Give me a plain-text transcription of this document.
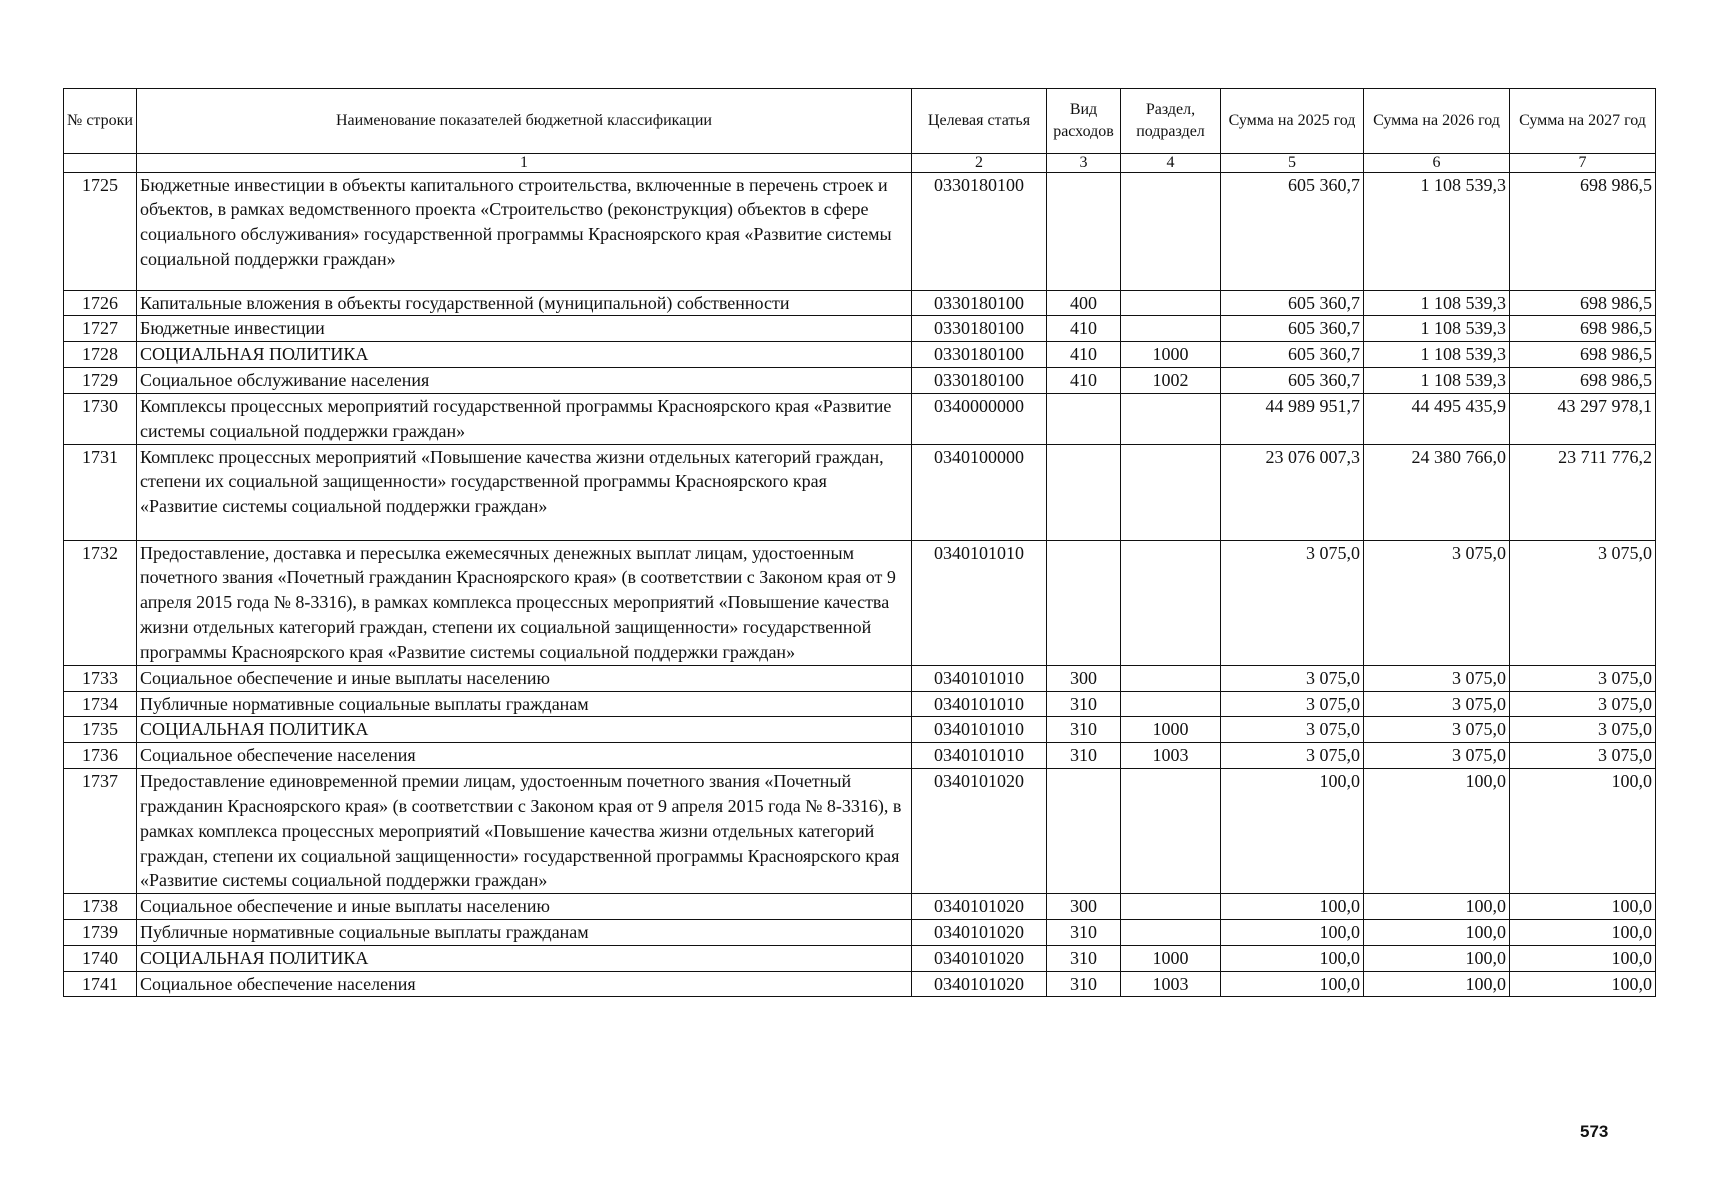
№ строки	Наименование показателей бюджетной классификации	Целевая статья	Вид расходов	Раздел, подраздел	Сумма на 2025 год	Сумма на 2026 год	Сумма на 2027 год
	1	2	3	4	5	6	7
1725	Бюджетные инвестиции в объекты капитального строительства, включенные в перечень строек и объектов, в рамках ведомственного проекта «Строительство (реконструкция) объектов в сфере социального обслуживания» государственной программы Красноярского края «Развитие системы социальной поддержки граждан»	0330180100			605 360,7	1 108 539,3	698 986,5
1726	Капитальные вложения в объекты государственной (муниципальной) собственности	0330180100	400		605 360,7	1 108 539,3	698 986,5
1727	Бюджетные инвестиции	0330180100	410		605 360,7	1 108 539,3	698 986,5
1728	СОЦИАЛЬНАЯ ПОЛИТИКА	0330180100	410	1000	605 360,7	1 108 539,3	698 986,5
1729	Социальное обслуживание населения	0330180100	410	1002	605 360,7	1 108 539,3	698 986,5
1730	Комплексы процессных мероприятий государственной программы Красноярского края «Развитие системы социальной поддержки граждан»	0340000000			44 989 951,7	44 495 435,9	43 297 978,1
1731	Комплекс процессных мероприятий «Повышение качества жизни отдельных категорий граждан, степени их социальной защищенности» государственной программы Красноярского края «Развитие системы социальной поддержки граждан»	0340100000			23 076 007,3	24 380 766,0	23 711 776,2
1732	Предоставление, доставка и пересылка ежемесячных денежных выплат лицам, удостоенным почетного звания «Почетный гражданин Красноярского края» (в соответствии с Законом края от 9 апреля 2015 года № 8-3316), в рамках комплекса процессных мероприятий «Повышение качества жизни отдельных категорий граждан, степени их социальной защищенности» государственной программы Красноярского края «Развитие системы социальной поддержки граждан»	0340101010			3 075,0	3 075,0	3 075,0
1733	Социальное обеспечение и иные выплаты населению	0340101010	300		3 075,0	3 075,0	3 075,0
1734	Публичные нормативные социальные выплаты гражданам	0340101010	310		3 075,0	3 075,0	3 075,0
1735	СОЦИАЛЬНАЯ ПОЛИТИКА	0340101010	310	1000	3 075,0	3 075,0	3 075,0
1736	Социальное обеспечение населения	0340101010	310	1003	3 075,0	3 075,0	3 075,0
1737	Предоставление единовременной премии лицам, удостоенным почетного звания «Почетный гражданин Красноярского края» (в соответствии с Законом края от 9 апреля 2015 года № 8-3316), в рамках комплекса процессных мероприятий «Повышение качества жизни отдельных категорий граждан, степени их социальной защищенности» государственной программы Красноярского края «Развитие системы социальной поддержки граждан»	0340101020			100,0	100,0	100,0
1738	Социальное обеспечение и иные выплаты населению	0340101020	300		100,0	100,0	100,0
1739	Публичные нормативные социальные выплаты гражданам	0340101020	310		100,0	100,0	100,0
1740	СОЦИАЛЬНАЯ ПОЛИТИКА	0340101020	310	1000	100,0	100,0	100,0
1741	Социальное обеспечение населения	0340101020	310	1003	100,0	100,0	100,0
573
